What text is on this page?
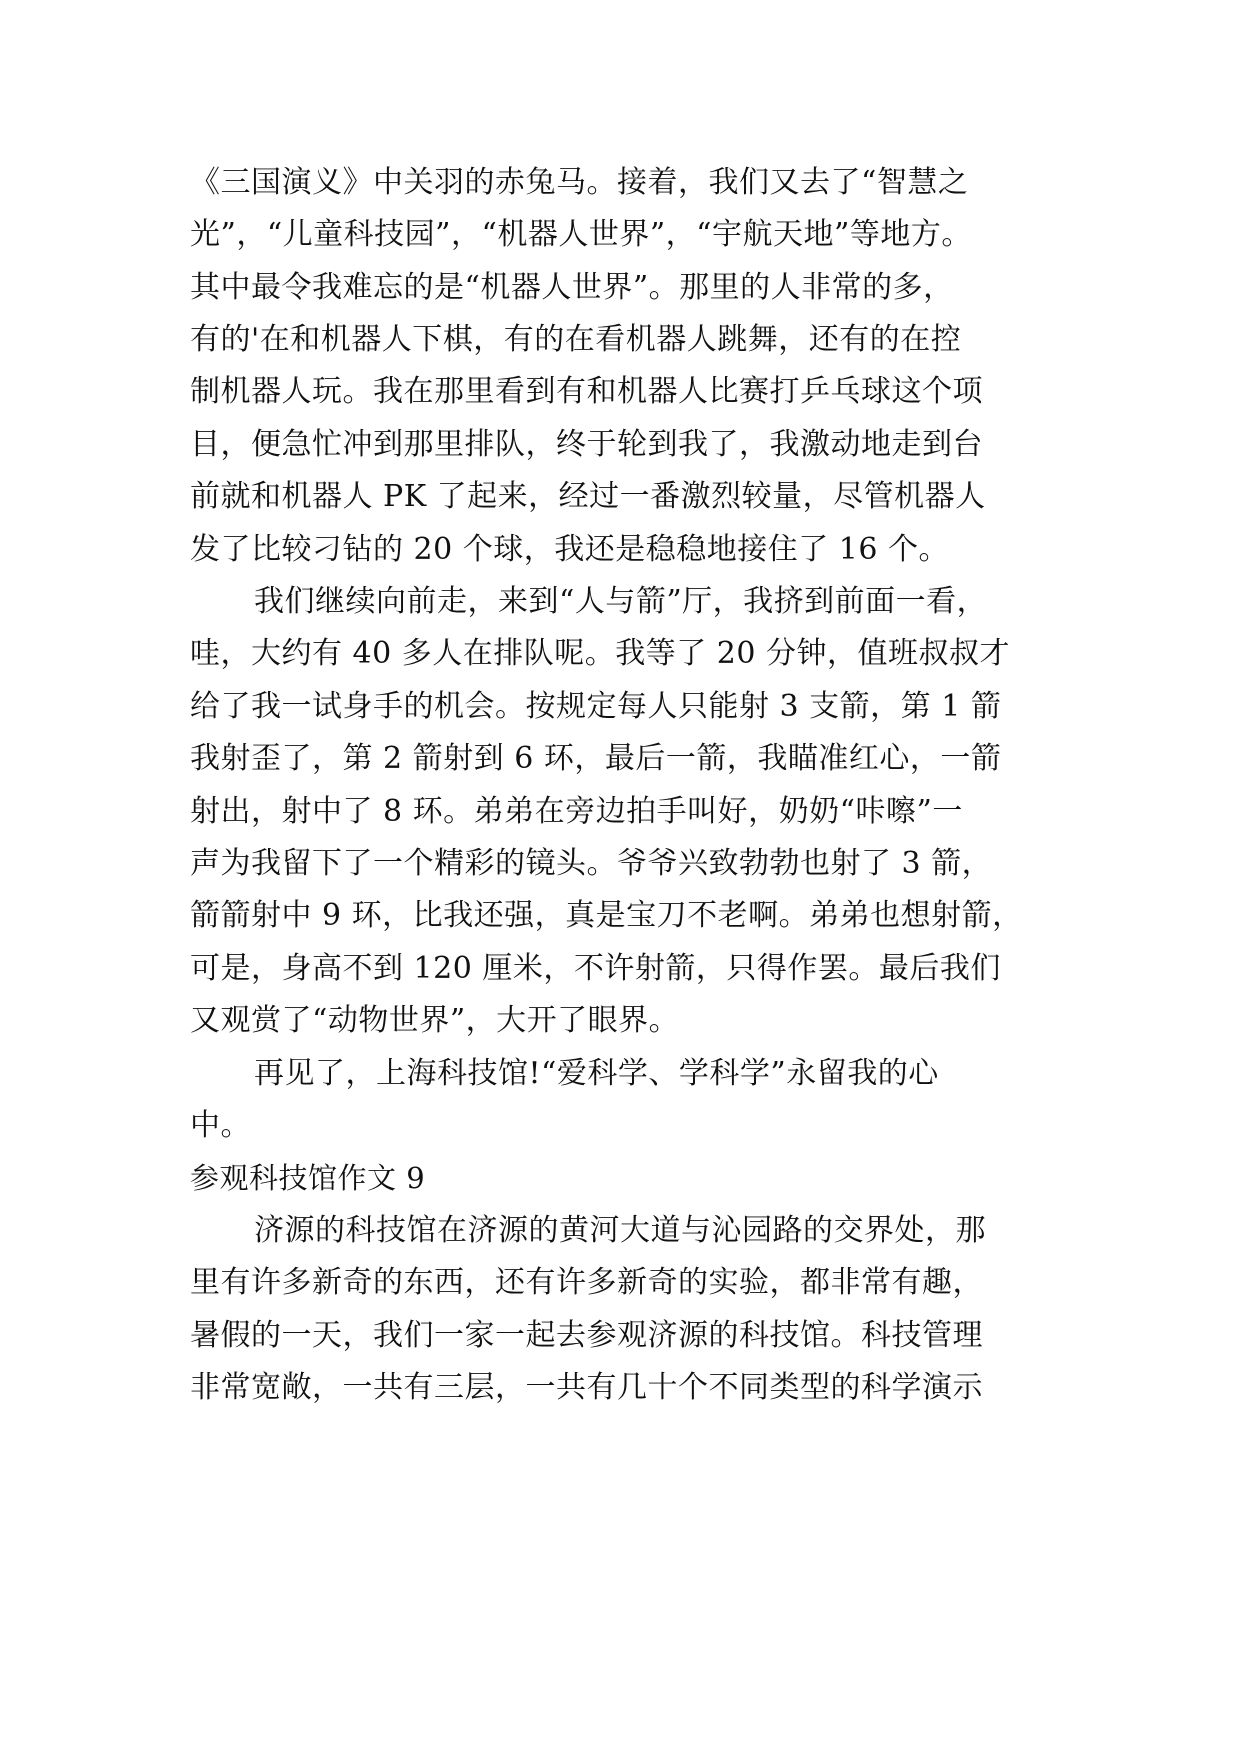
《三国演义》中关羽的赤兔马。接着，我们又去了“智慧之
光”，“儿童科技园”，“机器人世界”，“宇航天地”等地方。
其中最令我难忘的是“机器人世界”。那里的人非常的多，
有的'在和机器人下棋，有的在看机器人跳舞，还有的在控
制机器人玩。我在那里看到有和机器人比赛打乒乓球这个项
目，便急忙冲到那里排队，终于轮到我了，我激动地走到台
前就和机器人 PK 了起来，经过一番激烈较量，尽管机器人
发了比较刁钻的 20 个球，我还是稳稳地接住了 16 个。
我们继续向前走，来到“人与箭”厅，我挤到前面一看，
哇，大约有 40 多人在排队呢。我等了 20 分钟，值班叔叔才
给了我一试身手的机会。按规定每人只能射 3 支箭，第 1 箭
我射歪了，第 2 箭射到 6 环，最后一箭，我瞄准红心，一箭
射出，射中了 8 环。弟弟在旁边拍手叫好，奶奶“咔嚓”一
声为我留下了一个精彩的镜头。爷爷兴致勃勃也射了 3 箭，
箭箭射中 9 环，比我还强，真是宝刀不老啊。弟弟也想射箭，
可是，身高不到 120 厘米，不许射箭，只得作罢。最后我们
又观赏了“动物世界”，大开了眼界。
再见了，上海科技馆!“爱科学、学科学”永留我的心
中。
参观科技馆作文 9
济源的科技馆在济源的黄河大道与沁园路的交界处，那
里有许多新奇的东西，还有许多新奇的实验，都非常有趣，
暑假的一天，我们一家一起去参观济源的科技馆。科技管理
非常宽敞，一共有三层，一共有几十个不同类型的科学演示
